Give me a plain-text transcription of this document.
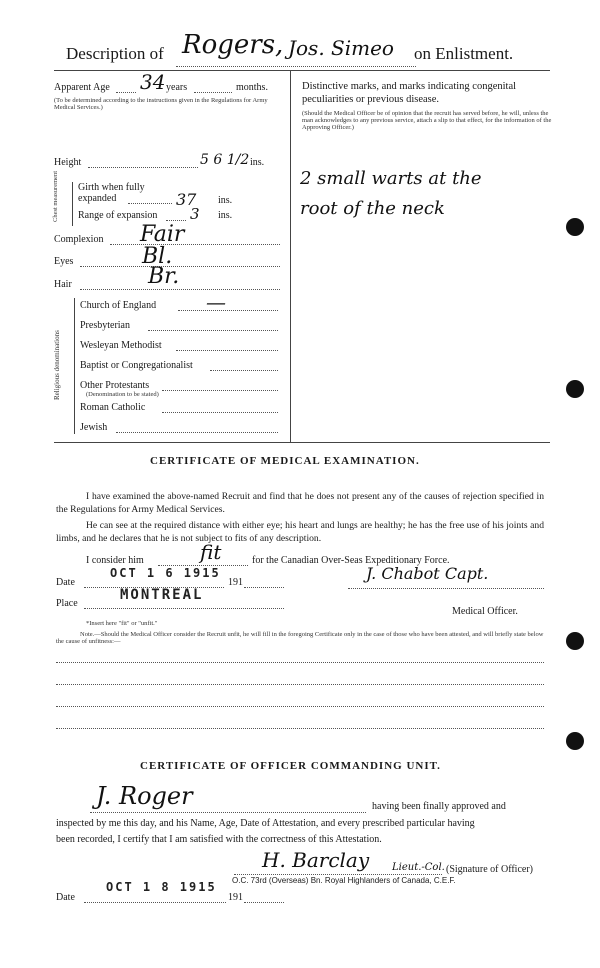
Description of Rogers, Jos. Simeo on Enlistment.
Apparent Age 34 years	months.
(To be determined according to the instructions given in the Regulations for Army Medical Services.)
Height	5 6 1/2 ins.
Chest measurement Girth when fully expanded	37 ins.
Range of expansion 3 ins.
Complexion Fair
Eyes	Bl.
Hair	Br.
Religious denominations
Church of England —
Presbyterian
Wesleyan Methodist
Baptist or Congregationalist
Other Protestants
(Denomination to be stated)
Roman Catholic
Jewish
Distinctive marks, and marks indicating congenital peculiarities or previous disease.
(Should the Medical Officer be of opinion that the recruit has served before, he will, unless the man acknowledges to any previous service, attach a slip to that effect, for the information of the Approving Officer.)
2 small warts at the
root of the neck
CERTIFICATE OF MEDICAL EXAMINATION.
I have examined the above-named Recruit and find that he does not present any of the causes of rejection specified in the Regulations for Army Medical Services.
He can see at the required distance with either eye; his heart and lungs are healthy; he has the free use of his joints and limbs, and he declares that he is not subject to fits of any description.
I consider him	fit	for the Canadian Over-Seas Expeditionary Force.
Date
OCT 1 6 1915
191	J. Chabot Capt.
Place
MONTREAL
Medical Officer.
*Insert here "fit" or "unfit."
Note.—Should the Medical Officer consider the Recruit unfit, he will fill in the foregoing Certificate only in the case of those who have been attested, and will briefly state below the cause of unfitness:—
CERTIFICATE OF OFFICER COMMANDING UNIT.
J. Roger	having been finally approved and
inspected by me this day, and his Name, Age, Date of Attestation, and every prescribed particular having
been recorded, I certify that I am satisfied with the correctness of this Attestation.
H. Barclay Lieut.-Col. (Signature of Officer)
O.C. 73rd (Overseas) Bn. Royal Highlanders of Canada, C.E.F.
Date
OCT 1 8 1915
191
